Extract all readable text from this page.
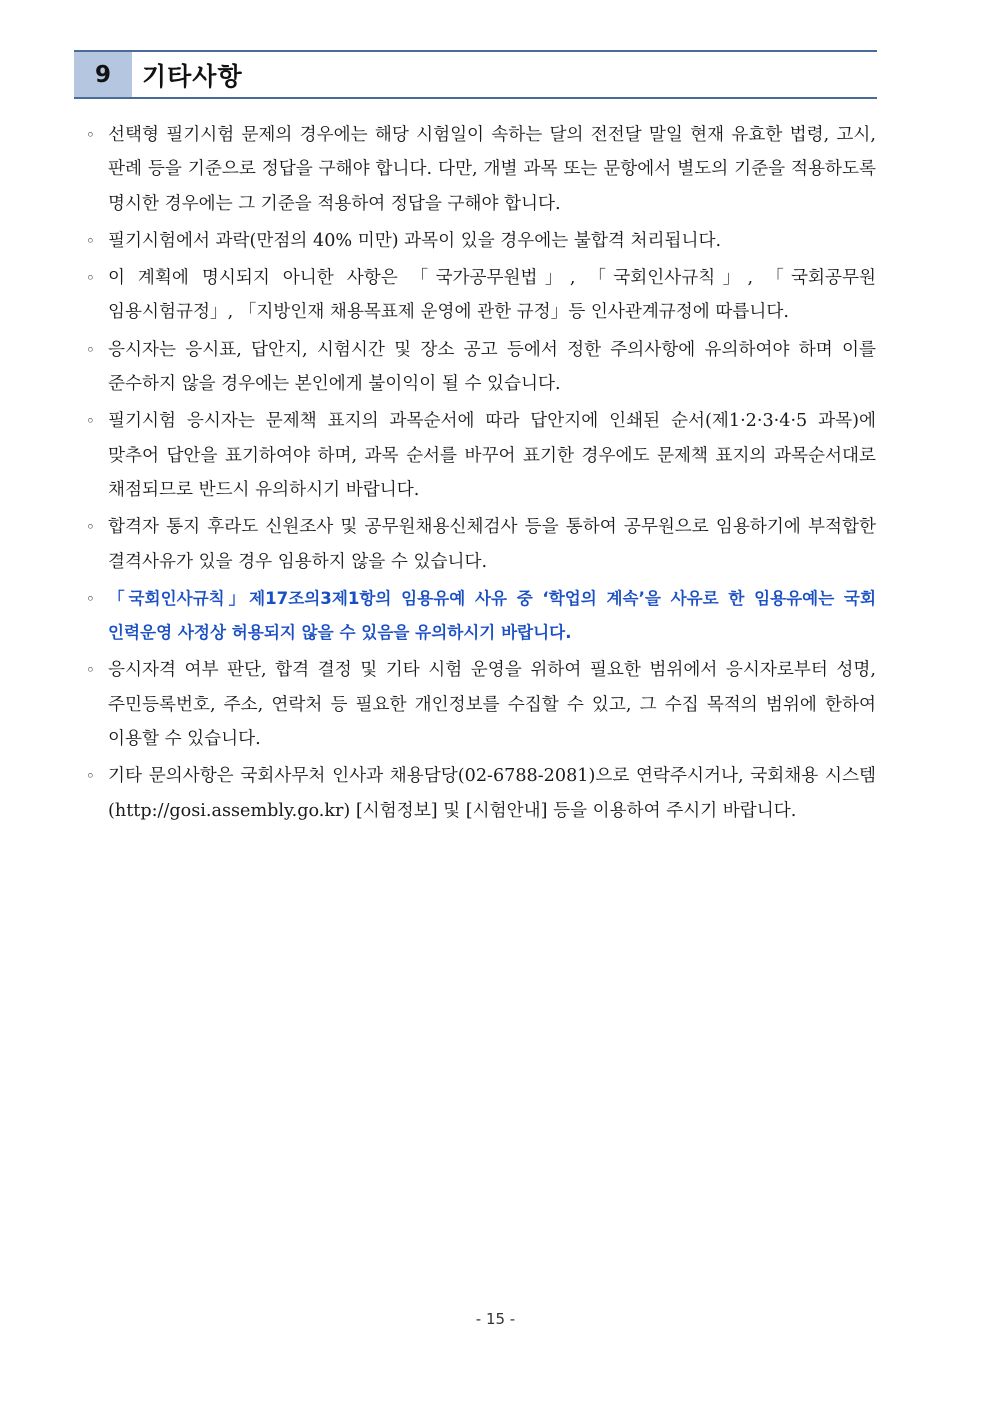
9	기타사항
◦ 선택형 필기시험 문제의 경우에는 해당 시험일이 속하는 달의 전전달 말일 현재 유효한 법령, 고시, 판례 등을 기준으로 정답을 구해야 합니다. 다만, 개별 과목 또는 문항에서 별도의 기준을 적용하도록 명시한 경우에는 그 기준을 적용하여 정답을 구해야 합니다.
◦ 필기시험에서 과락(만점의 40% 미만) 과목이 있을 경우에는 불합격 처리됩니다.
◦ 이 계획에 명시되지 아니한 사항은 「국가공무원법」, 「국회인사규칙」, 「국회공무원 임용시험규정」, 「지방인재 채용목표제 운영에 관한 규정」등 인사관계규정에 따릅니다.
◦ 응시자는 응시표, 답안지, 시험시간 및 장소 공고 등에서 정한 주의사항에 유의하여야 하며 이를 준수하지 않을 경우에는 본인에게 불이익이 될 수 있습니다.
◦ 필기시험 응시자는 문제책 표지의 과목순서에 따라 답안지에 인쇄된 순서(제1·2·3·4·5 과목)에 맞추어 답안을 표기하여야 하며, 과목 순서를 바꾸어 표기한 경우에도 문제책 표지의 과목순서대로 채점되므로 반드시 유의하시기 바랍니다.
◦ 합격자 통지 후라도 신원조사 및 공무원채용신체검사 등을 통하여 공무원으로 임용하기에 부적합한 결격사유가 있을 경우 임용하지 않을 수 있습니다.
◦ 「국회인사규칙」제17조의3제1항의 임용유예 사유 중 ‘학업의 계속’을 사유로 한 임용유예는 국회 인력운영 사정상 허용되지 않을 수 있음을 유의하시기 바랍니다.
◦ 응시자격 여부 판단, 합격 결정 및 기타 시험 운영을 위하여 필요한 범위에서 응시자로부터 성명, 주민등록번호, 주소, 연락처 등 필요한 개인정보를 수집할 수 있고, 그 수집 목적의 범위에 한하여 이용할 수 있습니다.
◦ 기타 문의사항은 국회사무처 인사과 채용담당(02-6788-2081)으로 연락주시거나, 국회채용 시스템(http://gosi.assembly.go.kr) [시험정보] 및 [시험안내] 등을 이용하여 주시기 바랍니다.
- 15 -
